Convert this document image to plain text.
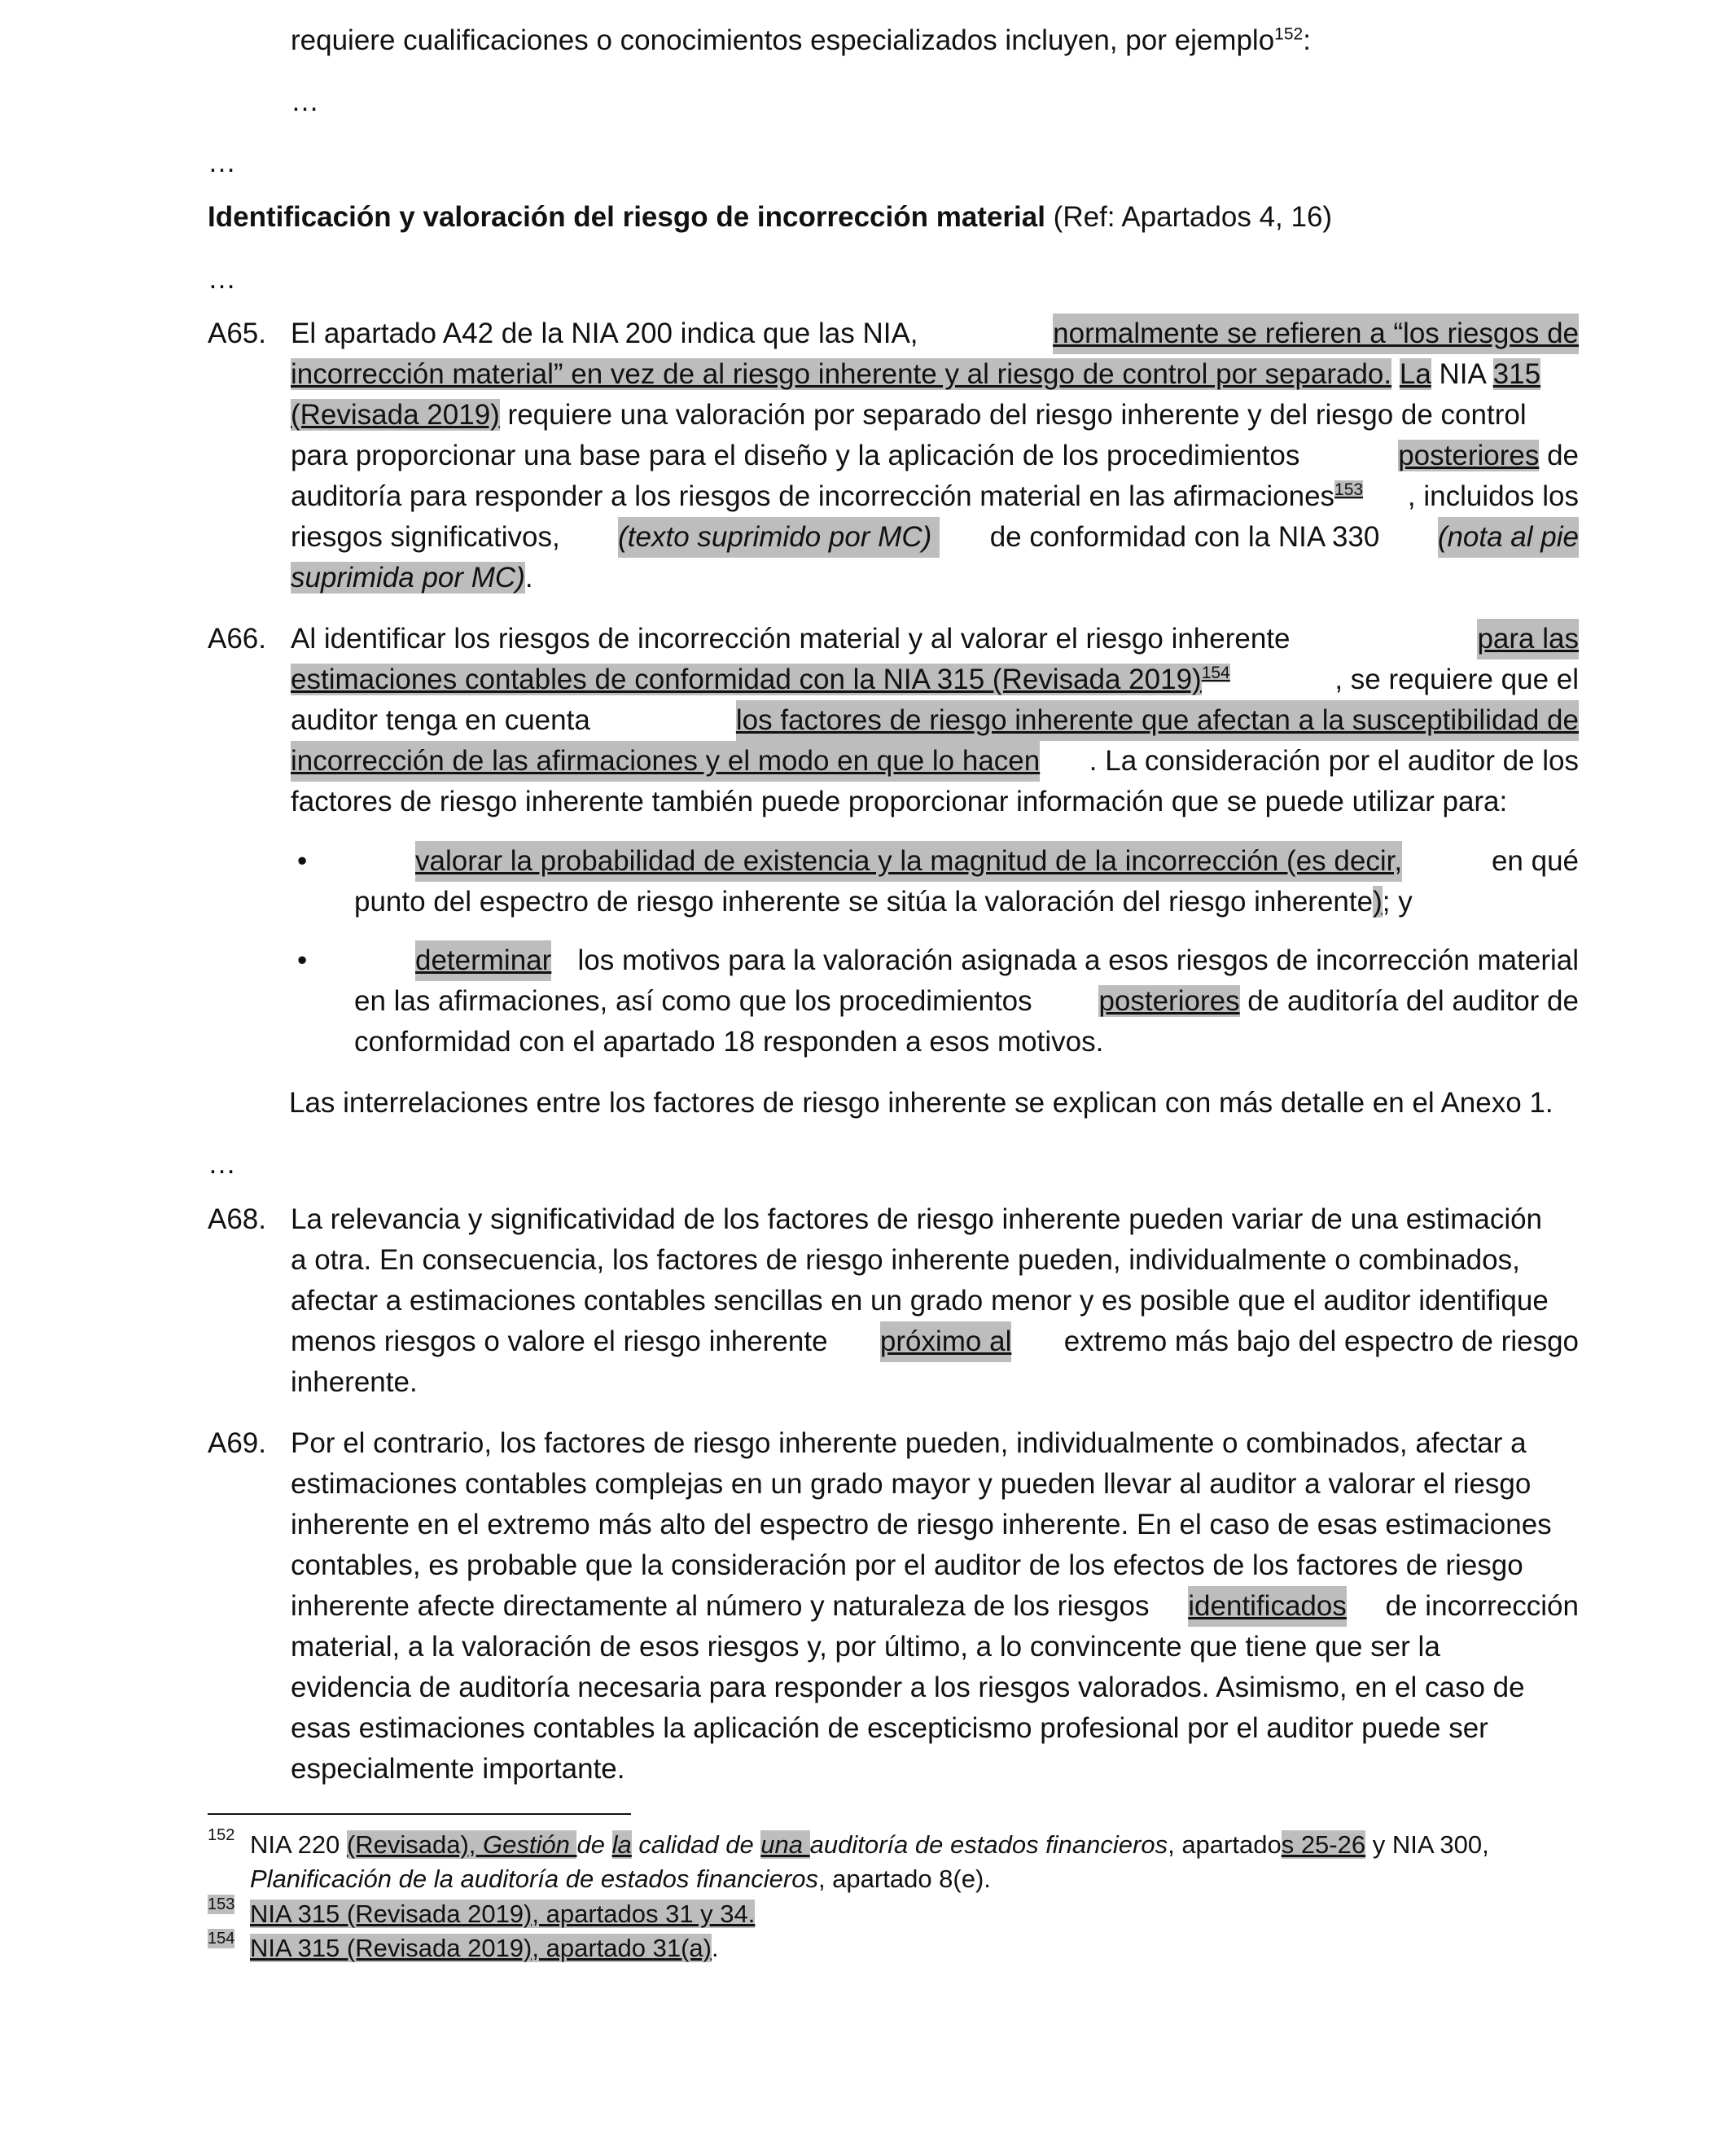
requiere cualificaciones o conocimientos especializados incluyen, por ejemplo$^{152}$:
…
…
Identificación y valoración del riesgo de incorrección material (Ref: Apartados 4, 16)
…
A65. El apartado A42 de la NIA 200 indica que las NIA,	normalmente se refieren a “los riesgos de
incorrección material” en vez de al riesgo inherente y al riesgo de control por separado. La NIA 315
(Revisada 2019) requiere una valoración por separado del riesgo inherente y del riesgo de control
para proporcionar una base para el diseño y la aplicación de los procedimientos	posteriores de
auditoría para responder a los riesgos de incorrección material en las afirmaciones$^{153}$ , incluidos los
riesgos significativos, (texto suprimido por MC) de conformidad con la NIA 330 (nota al pie
suprimida por MC).
A66. Al identificar los riesgos de incorrección material y al valorar el riesgo inherente	para las
estimaciones contables de conformidad con la NIA 315 (Revisada 2019)$^{154}$	, se requiere que el
auditor tenga en cuenta	los factores de riesgo inherente que afectan a la susceptibilidad de
incorrección de las afirmaciones y el modo en que lo hacen . La consideración por el auditor de los
factores de riesgo inherente también puede proporcionar información que se puede utilizar para:
•	valorar la probabilidad de existencia y la magnitud de la incorrección (es decir,	en qué
punto del espectro de riesgo inherente se sitúa la valoración del riesgo inherente); y
•	determinar los motivos para la valoración asignada a esos riesgos de incorrección material
en las afirmaciones, así como que los procedimientos posteriores de auditoría del auditor de
conformidad con el apartado 18 responden a esos motivos.
Las interrelaciones entre los factores de riesgo inherente se explican con más detalle en el Anexo 1.
…
A68. La relevancia y significatividad de los factores de riesgo inherente pueden variar de una estimación
a otra. En consecuencia, los factores de riesgo inherente pueden, individualmente o combinados,
afectar a estimaciones contables sencillas en un grado menor y es posible que el auditor identifique
menos riesgos o valore el riesgo inherente próximo al extremo más bajo del espectro de riesgo
inherente.
A69. Por el contrario, los factores de riesgo inherente pueden, individualmente o combinados, afectar a
estimaciones contables complejas en un grado mayor y pueden llevar al auditor a valorar el riesgo
inherente en el extremo más alto del espectro de riesgo inherente. En el caso de esas estimaciones
contables, es probable que la consideración por el auditor de los efectos de los factores de riesgo
inherente afecte directamente al número y naturaleza de los riesgos identificados de incorrección
material, a la valoración de esos riesgos y, por último, a lo convincente que tiene que ser la
evidencia de auditoría necesaria para responder a los riesgos valorados. Asimismo, en el caso de
esas estimaciones contables la aplicación de escepticismo profesional por el auditor puede ser
especialmente importante.
152 NIA 220 (Revisada), Gestión de la calidad de una auditoría de estados financieros, apartados 25-26 y NIA 300,
Planificación de la auditoría de estados financieros, apartado 8(e).
153 NIA 315 (Revisada 2019), apartados 31 y 34.
154 NIA 315 (Revisada 2019), apartado 31(a).
